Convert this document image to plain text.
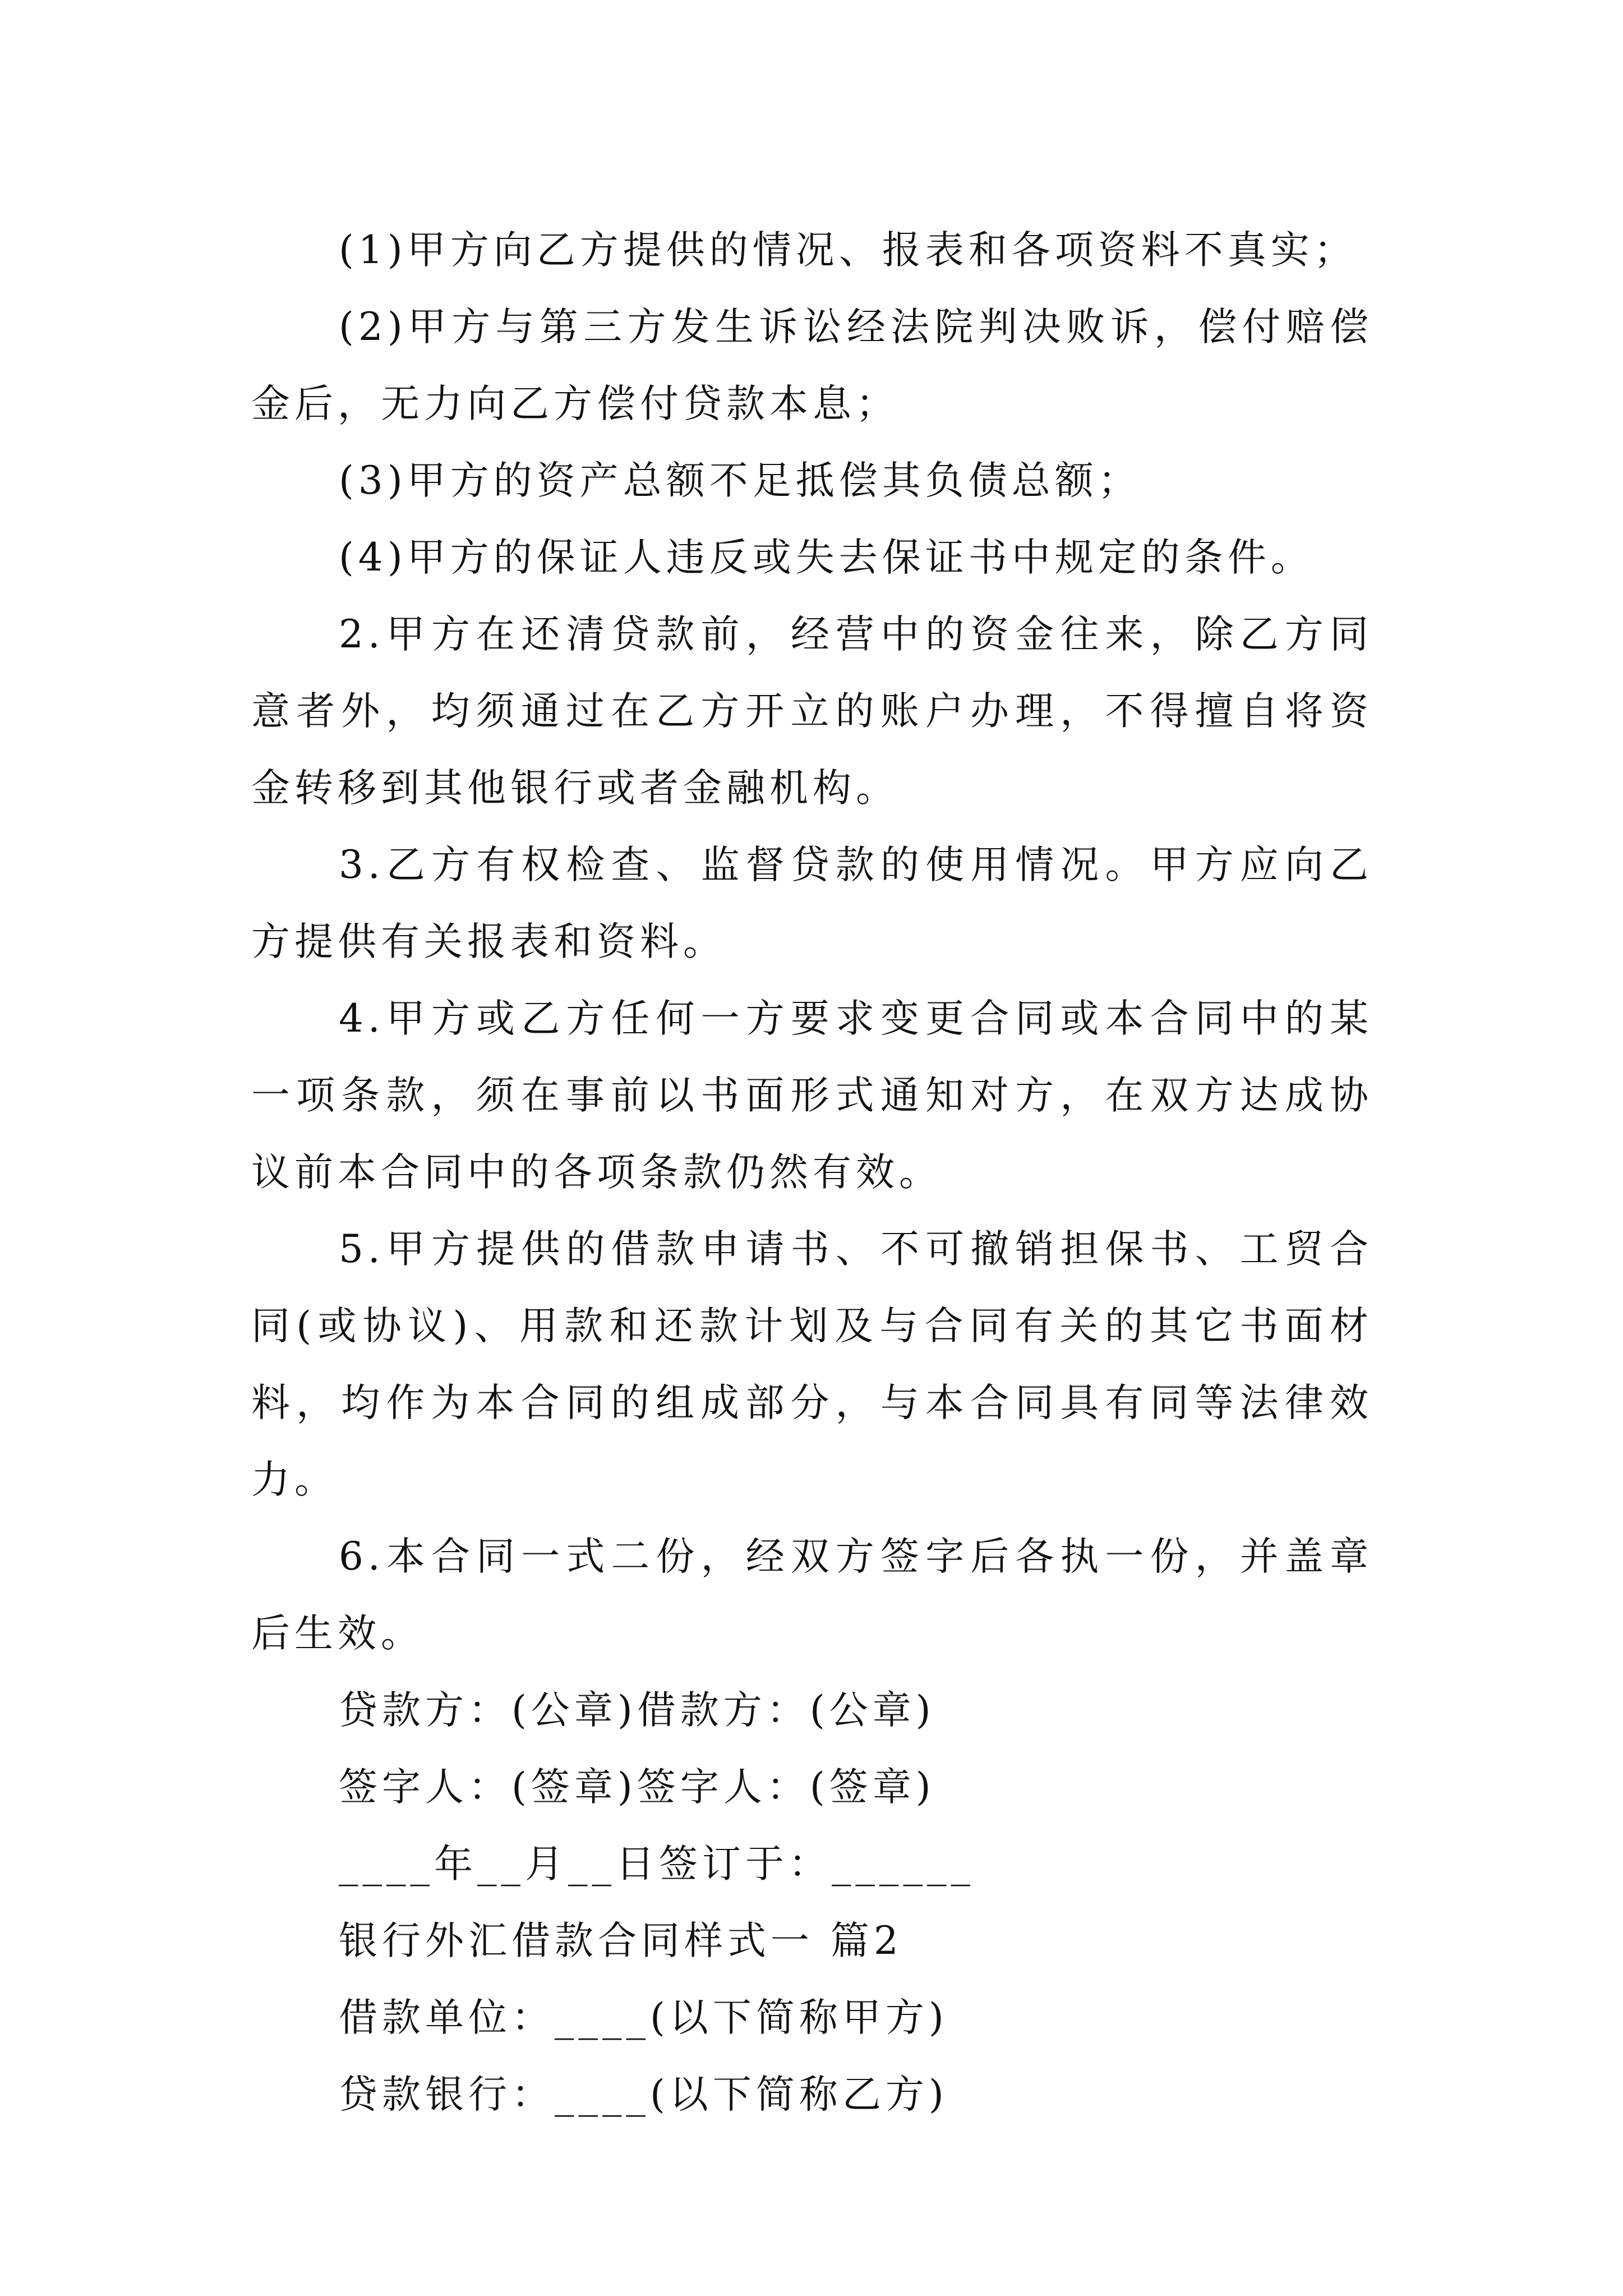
(1)甲方向乙方提供的情况、报表和各项资料不真实；

(2)甲方与第三方发生诉讼经法院判决败诉，偿付赔偿金后，无力向乙方偿付贷款本息；

(3)甲方的资产总额不足抵偿其负债总额；

(4)甲方的保证人违反或失去保证书中规定的条件。

2.甲方在还清贷款前，经营中的资金往来，除乙方同意者外，均须通过在乙方开立的账户办理，不得擅自将资金转移到其他银行或者金融机构。

3.乙方有权检查、监督贷款的使用情况。甲方应向乙方提供有关报表和资料。

4.甲方或乙方任何一方要求变更合同或本合同中的某一项条款，须在事前以书面形式通知对方，在双方达成协议前本合同中的各项条款仍然有效。

5.甲方提供的借款申请书、不可撤销担保书、工贸合同(或协议)、用款和还款计划及与合同有关的其它书面材料，均作为本合同的组成部分，与本合同具有同等法律效力。

6.本合同一式二份，经双方签字后各执一份，并盖章后生效。

贷款方：(公章)借款方：(公章)

签字人：(签章)签字人：(签章)

____年__月__日签订于：______

银行外汇借款合同样式一 篇2

借款单位：____(以下简称甲方)

贷款银行：____(以下简称乙方)
